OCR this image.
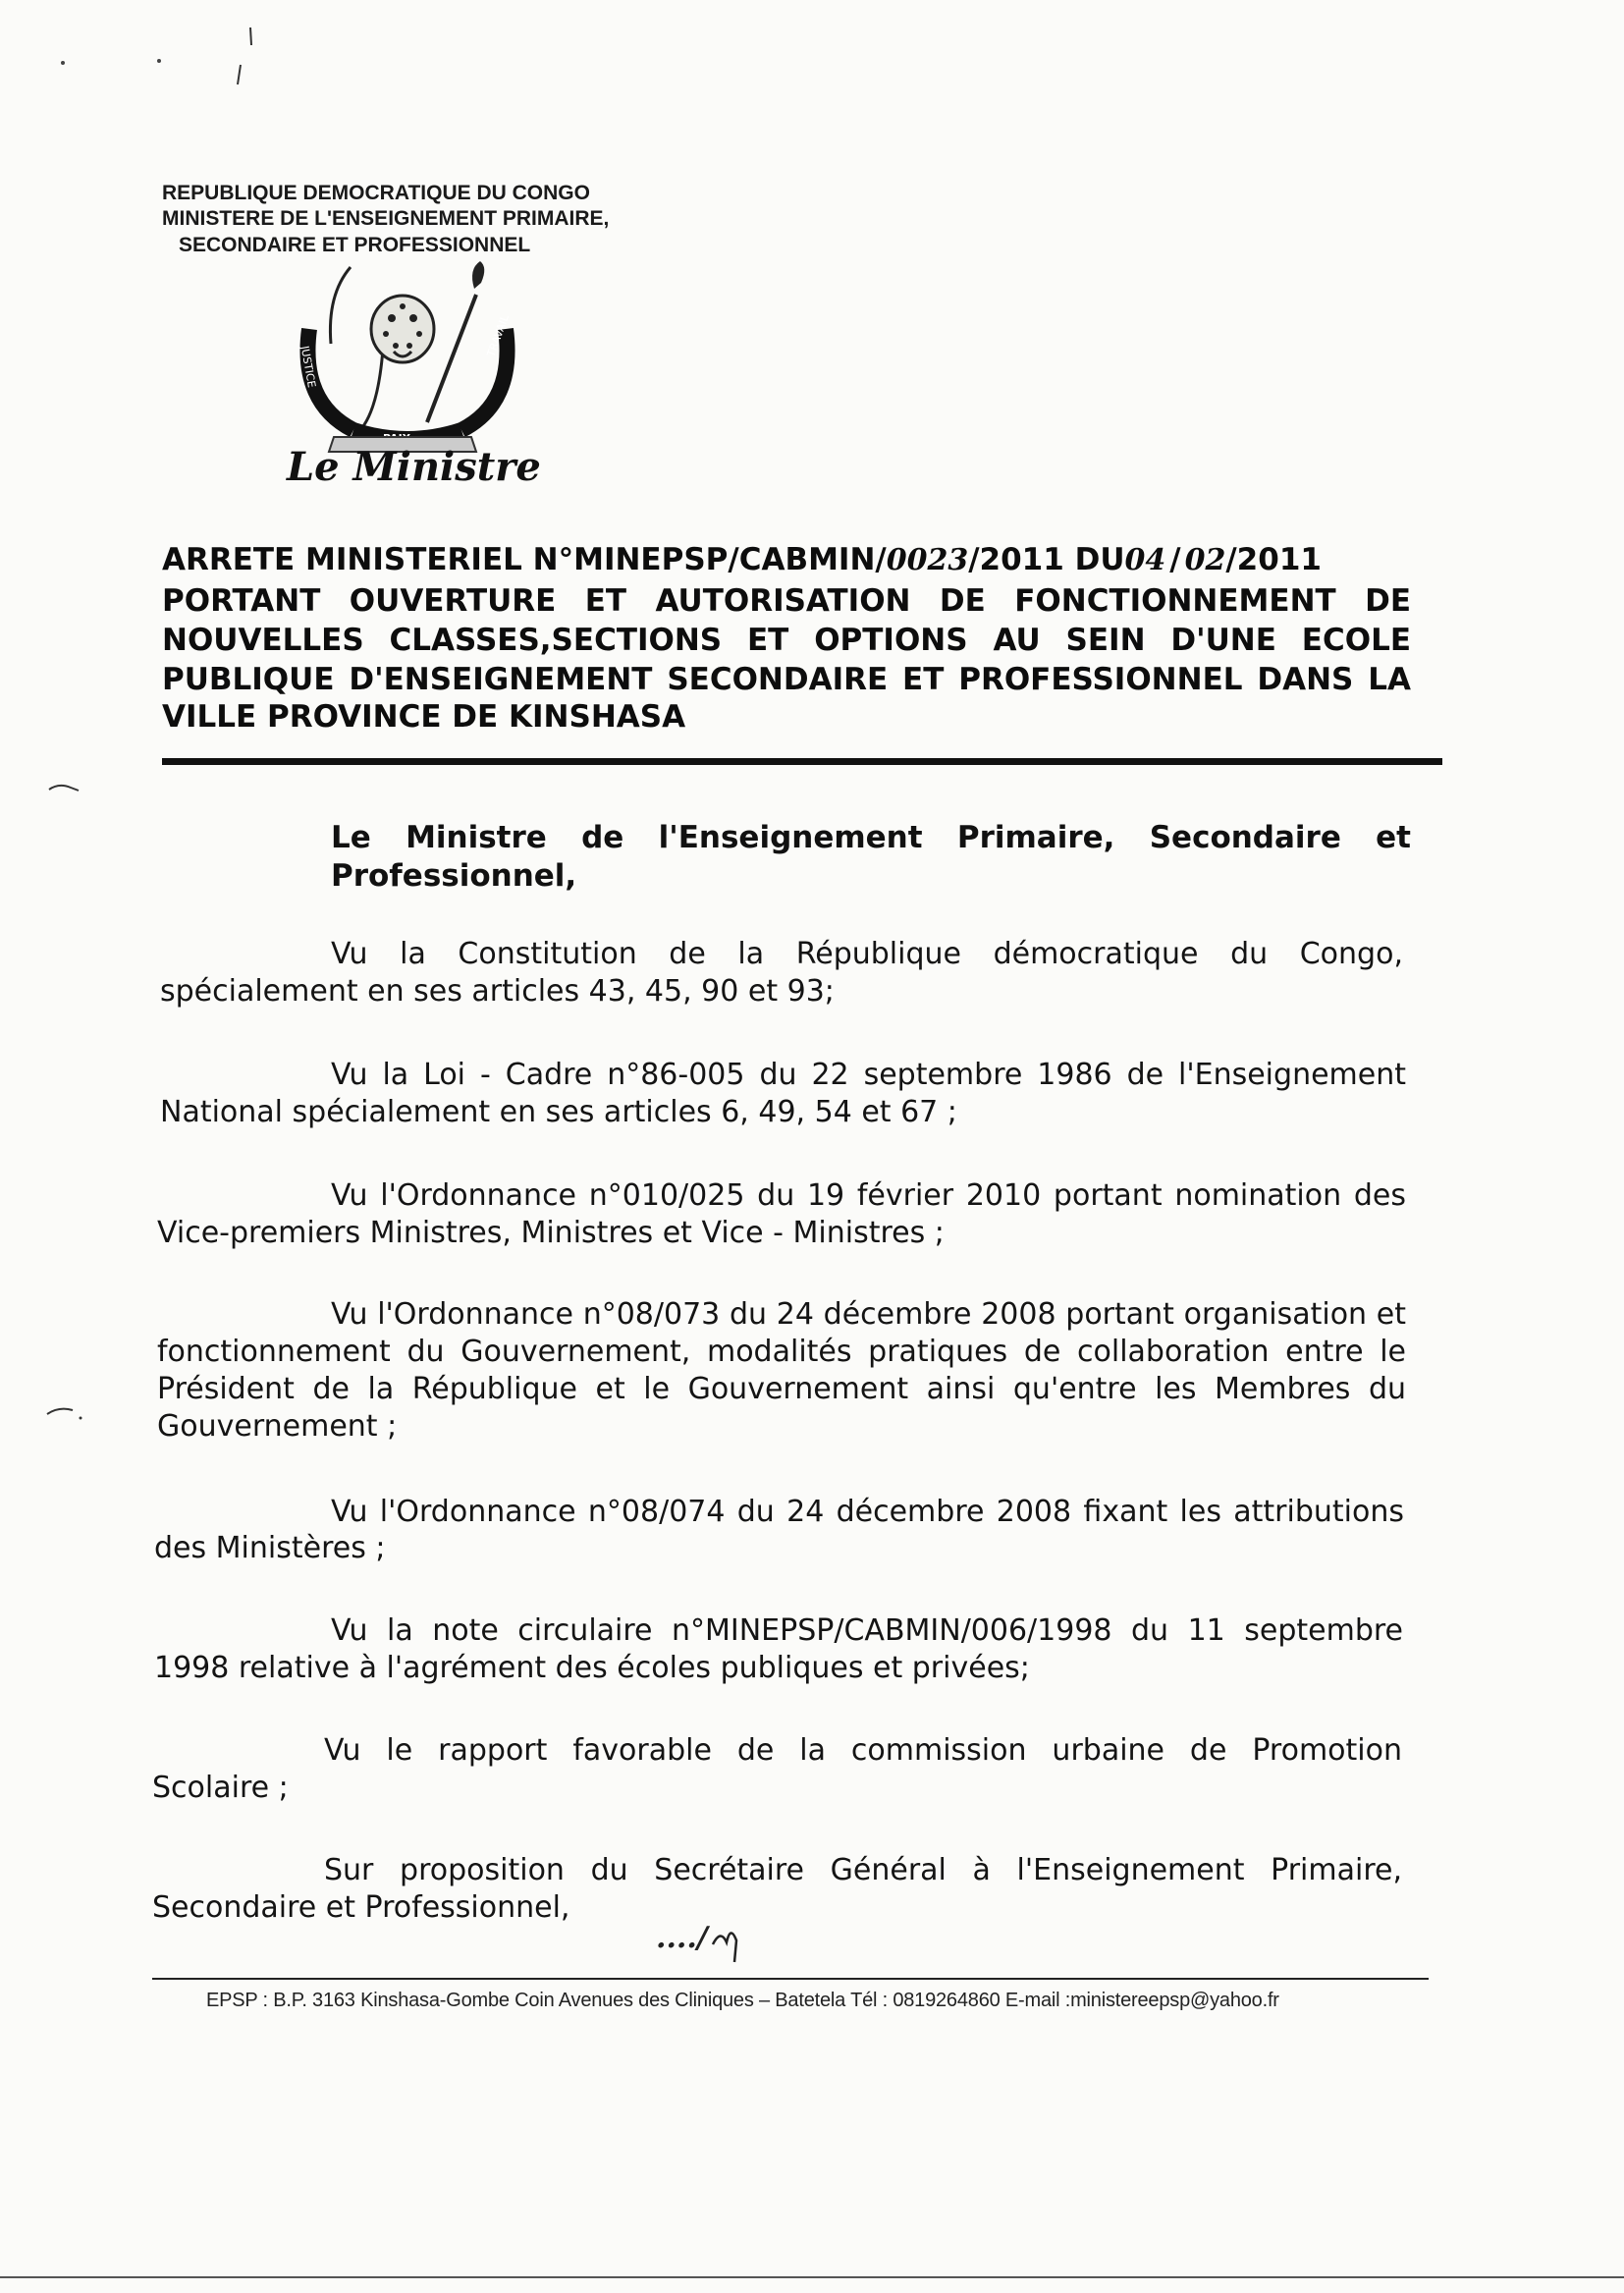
REPUBLIQUE DEMOCRATIQUE DU CONGO
MINISTERE DE L'ENSEIGNEMENT PRIMAIRE,
SECONDAIRE ET PROFESSIONNEL
JUSTICE
TRAVAIL
Le Ministre
ARRETE MINISTERIEL N°MINEPSP/CABMIN/0023/2011 DU04 / 02/2011
PORTANT OUVERTURE ET AUTORISATION DE FONCTIONNEMENT DE
NOUVELLES CLASSES,SECTIONS ET OPTIONS AU SEIN D'UNE ECOLE
PUBLIQUE D'ENSEIGNEMENT SECONDAIRE ET PROFESSIONNEL DANS LA
VILLE PROVINCE DE KINSHASA
Le Ministre de l'Enseignement Primaire, Secondaire et
Professionnel,
Vu la Constitution de la République démocratique du Congo,
spécialement en ses articles 43, 45, 90 et 93;
Vu la Loi - Cadre n°86-005 du 22 septembre 1986 de l'Enseignement
National spécialement en ses articles 6, 49, 54 et 67 ;
Vu l'Ordonnance n°010/025 du 19 février 2010 portant nomination des
Vice-premiers Ministres, Ministres et Vice - Ministres ;
Vu l'Ordonnance n°08/073 du 24 décembre 2008 portant organisation et
fonctionnement du Gouvernement, modalités pratiques de collaboration entre le
Président de la République et le Gouvernement ainsi qu'entre les Membres du
Gouvernement ;
Vu l'Ordonnance n°08/074 du 24 décembre 2008 fixant les attributions
des Ministères ;
Vu la note circulaire n°MINEPSP/CABMIN/006/1998 du 11 septembre
1998 relative à l'agrément des écoles publiques et privées;
Vu le rapport favorable de la commission urbaine de Promotion
Scolaire ;
Sur proposition du Secrétaire Général à l'Enseignement Primaire,
Secondaire et Professionnel,
..../
EPSP : B.P. 3163 Kinshasa-Gombe Coin Avenues des Cliniques – Batetela Tél : 0819264860 E-mail :ministereepsp@yahoo.fr
